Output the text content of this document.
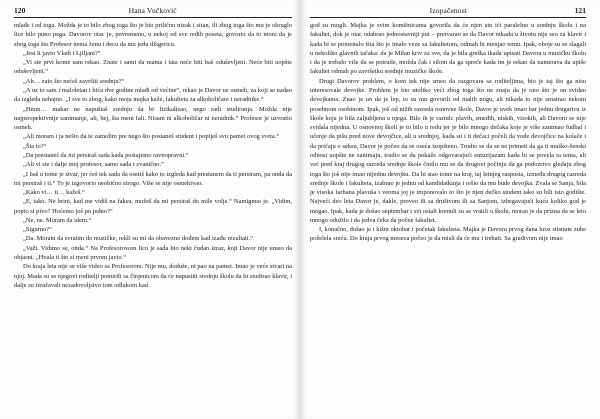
120	Hana Vučković

mlađe i od toga. Možda je to bilo zbog toga što je bio prilično nizak i sitan, ili zbog toga što mu je okruglo lice bilo puno pega. Davorov otac je, povremeno, u nekoj od sve ređih poseta, govorio da to mora da je zbog toga što Profesor nema ženu i decu da mu jedu džigericu.

„Jesi li javio Vladi i Ljiljani?“

„Vi ste prvi kome sam rekao. Znate i sami da mama i tata neće biti baš oduševljeni. Neće biti uopšte oduševljeni.“

„Ah… zato što nećeš završiti srednju?“

„A uz to sam i maloletan i bića dve godine mlađi od većine“, rekao je Davor uz osmeh, za koji se nadao da izgleda nehajno. „I sve to zbog, kako moja majka kaže, fakulteta za alkoholičare i neradnike.“

„Hmm… makar ne napuštaš srednju da bi fizikalisao, nego radi studiranja. Možda nije najperspektivnije zanimanje, ali, hej, šta meni fali. Nisam ni alkoholičar ni neradnik.“ Profesor je uzvratio osmeh.

„Ali moram i ja nešto da te zamolim pre nego što postaneš student i popiješ svu pamet ovog sveta.“

„Šta to?“

„Da prestaneš da mi persiraš sada kada postajemo ravnopravni.“

„Ali vi ste i dalje moj profesor, samo sada i zvanično.“

„I baš u tome je stvar, jer ćeš tek sada da osetiš kako to izgleda kad prestanem da ti persiram, pa onda da mi persiraš i ti.“ To je izgovorio neobično strogo. Više se nije osmehivao.

„Kako vi… ti… kažeš.“

„E, tako. Ne brini, kad me vidiš na faksu, možeš da mi persiraš do mile volje.“ Namignuo je. „Vidim, popio si pivo? Hoćemo još po jedno?“

„Ne, ne. Moram da idem.“

„Sigurno?“

„Da. Moram da svratim do muzičke, rekli su mi da obavezno dođem kad izađu rezultati.“

„Važi. Vidimo se, onda.“ Na Profesorovom licu je sada bio neki čudan izraz, koji Davor nije umeo da objasni. „Hvala ti što si meni prvom javio.“

Do kraja leta nije se više video sa Profesorom. Nije mu, doduše, ni pao na pamet. Imao je veće stvari na njoj. Mada su se njegovi roditelji pomirili sa činjenicom da će napustiti srednju školu da bi studirao klavir, i dalje su izražavali nezadovoljstvo tom odlukom kad

Izopačenost	121

god su mogli. Majka je svim komšinicama govorila da će njen sin ići paralelno u srednju školu i na fakultet, dok je otac odabrao jednostavniji put – pretvarao se da Davor nikada u životu nije seo za klavir i kada bi se pomenulo išta što je imalo veze sa fakultetom, odmah bi menjao temu. Ipak, oboje su se slagali u nekoliko glavnih tačaka: da je Milan kriv za sve, da je bila greška ikada upisati Davora u muzičku školu i da je trebalo više da se potrude, možda čak i silom da ga spreče kada im je rekao da namerava da upiše fakultet odmah po završetku srednje muzičke škole.

Drugi Davorov problem, o kom tek nije smeo da razgovara sa roditeljima, bio je taj što ga nisu interesovale devojke. Problem je bio utoliko veći zbog toga što ne znaju da je ono što je on svidao devojkama. Znao je on da je lep, to su mu govorili od malih nogu, ali nikada to nije smatrao nekom posebnom osobinom. Ipak, još od nižih razreda osnovne škole, Davor je uvek imao bar jednu drugaricu iz škole koja je bila zaljubljena u njega. Bilo ih je raznih: plavih, smeđih, niskih, visokih, ali Davoru se nije svidala nijedna. U osnovnoj školi je to bilo u redu jer je bilo mnogo dečaka koje je više zanimao fudbal i učenje da pišu pred nove devojčice, ali u srednjoj, kada su i ti dečaci počeli da vode devojčice na kolače i da pričaju o seksu, Davor je počeo da se oseća izopšteno. Trudio se da se ne primeti da ga ti muško-ženski odnosi uopšte ne zanimaju, trudio se da pokaže odgovarajući entuzijazam kada bi se povela ta tema, ali već pred kraj drugog razreda srednje škole činilo mu se da drugovi počinju da ga podozrivo gledaju zbog toga što još nije imao nijednu devojku. Da bi stao tome na kraj, taj letnjeg raspusta, između drugog razreda srednje škole i fakulteta, izabrao je jednu od kandidatkinja i rešio da mu bude devojka. Zvala se Sanja, bila je visoka farbana plavuša i veoma joj je imponovalo to što je njen dečko student iako su bili isto godište. Najveći deo leta Davor je, dakle, proveo ili sa društvom ili sa Sanjom, izbegavajući kuću koliko god je mogao. Ipak, kada je došao septembar i svi ostali krenuli su se vratili u školu, morao je da prizna da se leto mnogo odužilo i da jedva čeka da počne fakultet.

I, konačno, došao je i kišni oktobar i početak fakulteta. Majka je Davoru prvog dana kroz stisnute zube poželela sreću. Do kraja prvog meseca počeo je da misli da će mu i trebati. Sa gradivom nije imao
